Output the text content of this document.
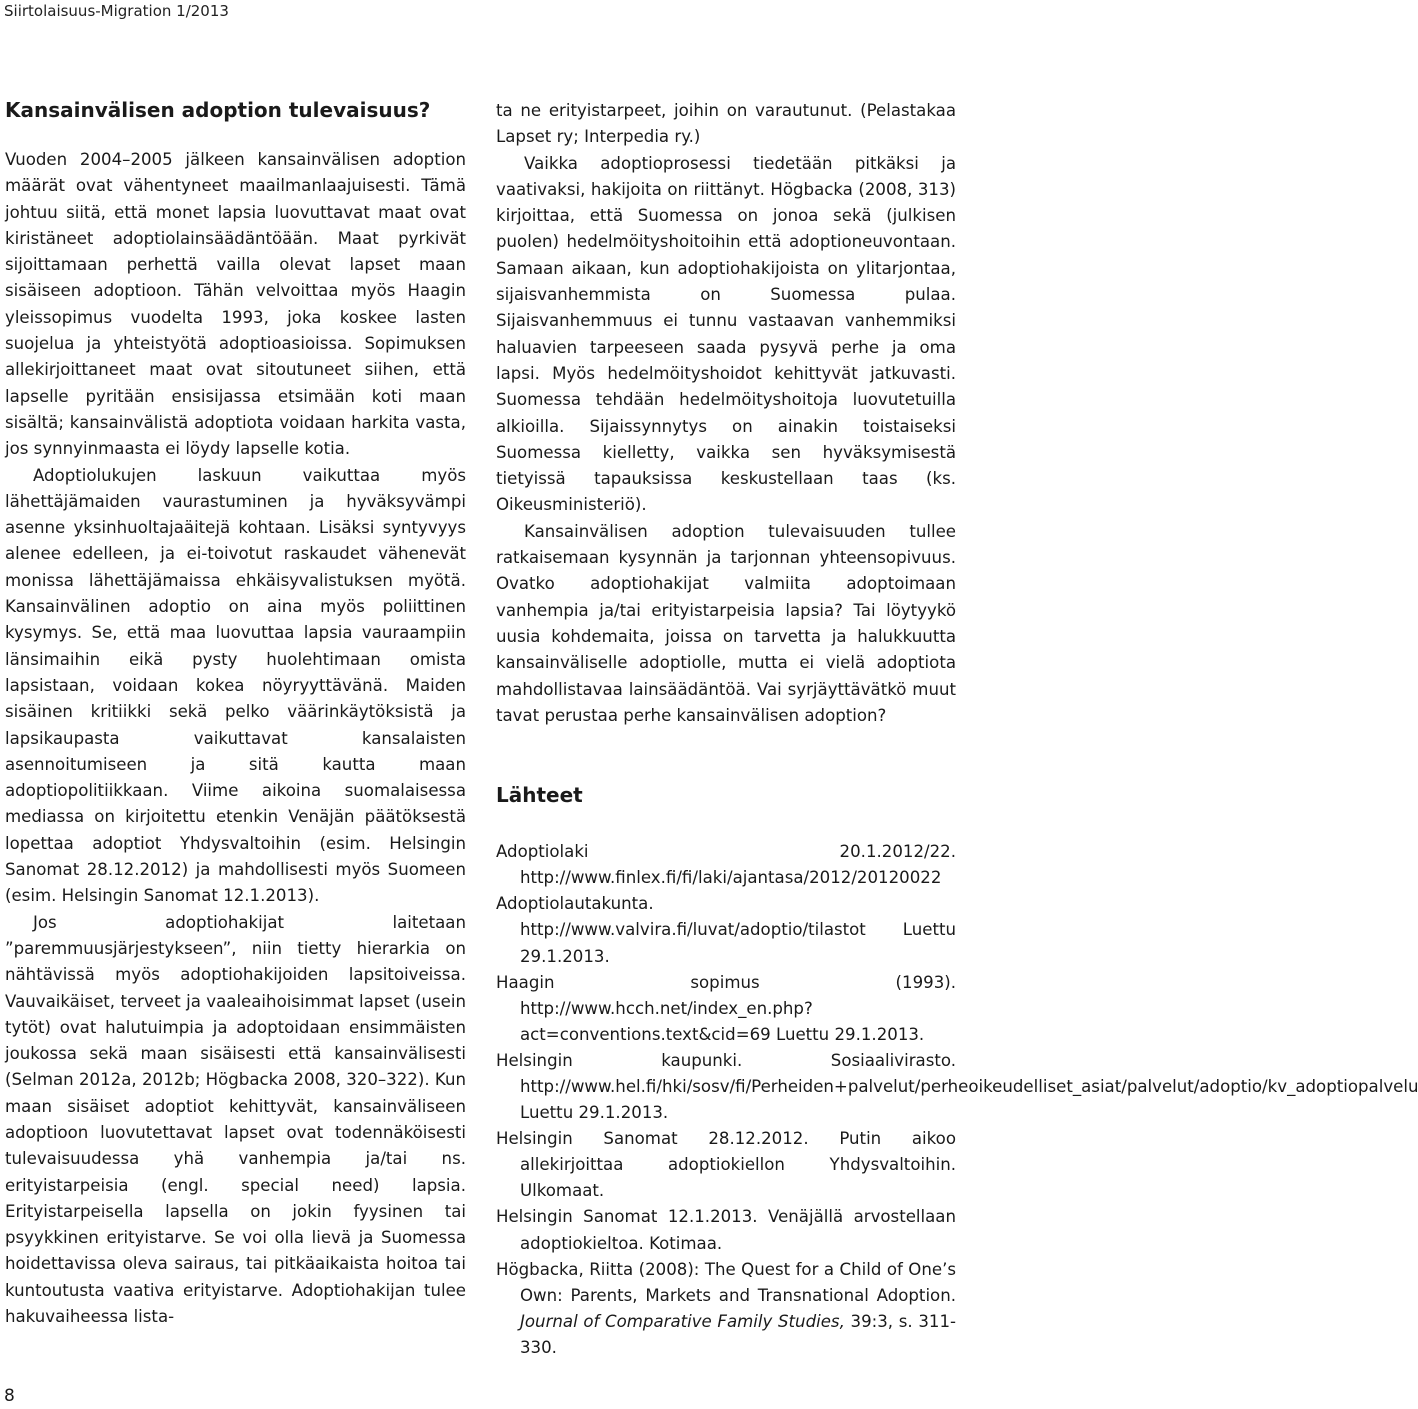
Siirtolaisuus-Migration 1/2013
Kansainvälisen adoption tulevaisuus?

Vuoden 2004–2005 jälkeen kansainvälisen adoption määrät ovat vähentyneet maailmanlaajuisesti. Tämä johtuu siitä, että monet lapsia luovuttavat maat ovat kiristäneet adoptiolainsäädäntöään. Maat pyrkivät sijoittamaan perhettä vailla olevat lapset maan sisäiseen adoptioon. Tähän velvoittaa myös Haagin yleissopimus vuodelta 1993, joka koskee lasten suojelua ja yhteistyötä adoptioasioissa. Sopimuksen allekirjoittaneet maat ovat sitoutuneet siihen, että lapselle pyritään ensisijassa etsimään koti maan sisältä; kansainvälistä adoptiota voidaan harkita vasta, jos synnyinmaasta ei löydy lapselle kotia.

Adoptiolukujen laskuun vaikuttaa myös lähettäjämaiden vaurastuminen ja hyväksyvämpi asenne yksinhuoltajaäitejä kohtaan. Lisäksi syntyvyys alenee edelleen, ja ei-toivotut raskaudet vähenevät monissa lähettäjämaissa ehkäisyvalistuksen myötä. Kansainvälinen adoptio on aina myös poliittinen kysymys. Se, että maa luovuttaa lapsia vauraampiin länsimaihin eikä pysty huolehtimaan omista lapsistaan, voidaan kokea nöyryyttävänä. Maiden sisäinen kritiikki sekä pelko väärinkäytöksistä ja lapsikaupasta vaikuttavat kansalaisten asennoitumiseen ja sitä kautta maan adoptiopolitiikkaan. Viime aikoina suomalaisessa mediassa on kirjoitettu etenkin Venäjän päätöksestä lopettaa adoptiot Yhdysvaltoihin (esim. Helsingin Sanomat 28.12.2012) ja mahdollisesti myös Suomeen (esim. Helsingin Sanomat 12.1.2013).

Jos adoptiohakijat laitetaan ”paremmuusjärjestykseen”, niin tietty hierarkia on nähtävissä myös adoptiohakijoiden lapsitoiveissa. Vauvaikäiset, terveet ja vaaleaihoisimmat lapset (usein tytöt) ovat halutuimpia ja adoptoidaan ensimmäisten joukossa sekä maan sisäisesti että kansainvälisesti (Selman 2012a, 2012b; Högbacka 2008, 320–322). Kun maan sisäiset adoptiot kehittyvät, kansainväliseen adoptioon luovutettavat lapset ovat todennäköisesti tulevaisuudessa yhä vanhempia ja/tai ns. erityistarpeisia (engl. special need) lapsia. Erityistarpeisella lapsella on jokin fyysinen tai psyykkinen erityistarve. Se voi olla lievä ja Suomessa hoidettavissa oleva sairaus, tai pitkäaikaista hoitoa tai kuntoutusta vaativa erityistarve. Adoptiohakijan tulee hakuvaiheessa lista-

ta ne erityistarpeet, joihin on varautunut. (Pelastakaa Lapset ry; Interpedia ry.)

Vaikka adoptioprosessi tiedetään pitkäksi ja vaativaksi, hakijoita on riittänyt. Högbacka (2008, 313) kirjoittaa, että Suomessa on jonoa sekä (julkisen puolen) hedelmöityshoitoihin että adoptioneuvontaan. Samaan aikaan, kun adoptiohakijoista on ylitarjontaa, sijaisvanhemmista on Suomessa pulaa. Sijaisvanhemmuus ei tunnu vastaavan vanhemmiksi haluavien tarpeeseen saada pysyvä perhe ja oma lapsi. Myös hedelmöityshoidot kehittyvät jatkuvasti. Suomessa tehdään hedelmöityshoitoja luovutetuilla alkioilla. Sijaissynnytys on ainakin toistaiseksi Suomessa kielletty, vaikka sen hyväksymisestä tietyissä tapauksissa keskustellaan taas (ks. Oikeusministeriö).

Kansainvälisen adoption tulevaisuuden tullee ratkaisemaan kysynnän ja tarjonnan yhteensopivuus. Ovatko adoptiohakijat valmiita adoptoimaan vanhempia ja/tai erityistarpeisia lapsia? Tai löytyykö uusia kohdemaita, joissa on tarvetta ja halukkuutta kansainväliselle adoptiolle, mutta ei vielä adoptiota mahdollistavaa lainsäädäntöä. Vai syrjäyttävätkö muut tavat perustaa perhe kansainvälisen adoption?

Lähteet

Adoptiolaki 20.1.2012/22. http://www.finlex.fi/fi/laki/ajantasa/2012/20120022

Adoptiolautakunta. http://www.valvira.fi/luvat/adoptio/tilastot Luettu 29.1.2013.

Haagin sopimus (1993). http://www.hcch.net/index_en.php?act=conventions.text&cid=69 Luettu 29.1.2013.

Helsingin kaupunki. Sosiaalivirasto. http://www.hel.fi/hki/sosv/fi/Perheiden+palvelut/perheoikeudelliset_asiat/palvelut/adoptio/kv_adoptiopalvelu Luettu 29.1.2013.

Helsingin Sanomat 28.12.2012. Putin aikoo allekirjoittaa adoptiokiellon Yhdysvaltoihin. Ulkomaat.

Helsingin Sanomat 12.1.2013. Venäjällä arvostellaan adoptiokieltoa. Kotimaa.

Högbacka, Riitta (2008): The Quest for a Child of One’s Own: Parents, Markets and Transnational Adoption. Journal of Comparative Family Studies, 39:3, s. 311-330.

8
